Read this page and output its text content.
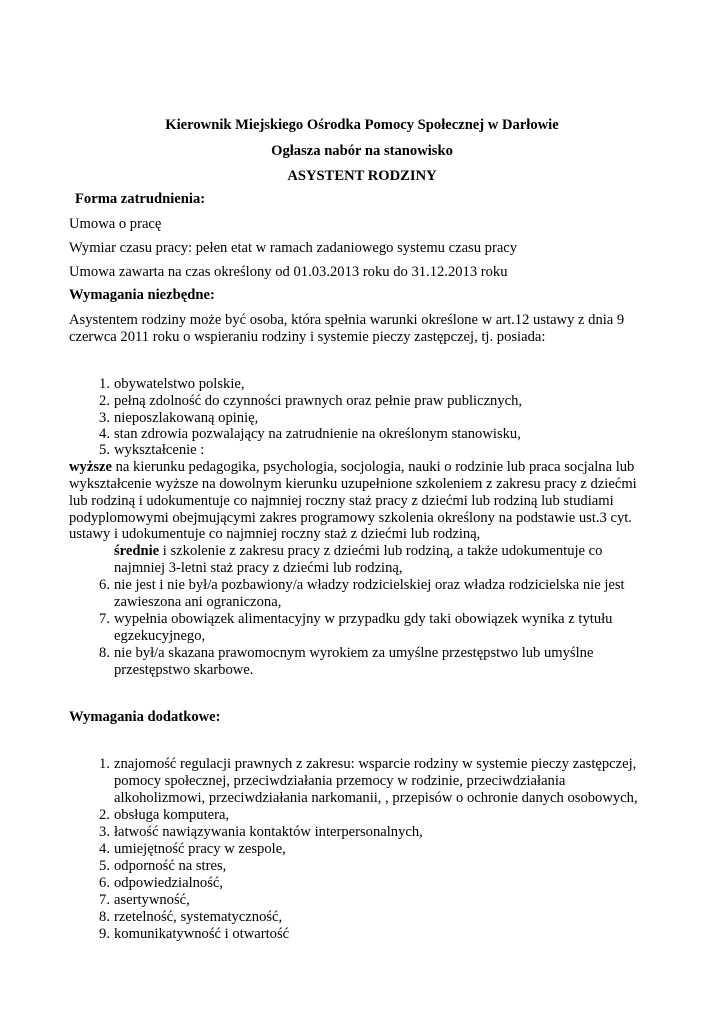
Kierownik Miejskiego Ośrodka Pomocy Społecznej w Darłowie
Ogłasza nabór na stanowisko
ASYSTENT RODZINY
Forma zatrudnienia:
Umowa o pracę
Wymiar czasu pracy: pełen etat w ramach zadaniowego systemu czasu pracy
Umowa zawarta na czas określony od 01.03.2013 roku do 31.12.2013 roku
Wymagania niezbędne:
Asystentem rodziny może być osoba, która spełnia warunki określone w art.12 ustawy z dnia 9
czerwca 2011 roku o wspieraniu rodziny i systemie pieczy zastępczej, tj. posiada:
1. obywatelstwo polskie,
2. pełną zdolność do czynności prawnych oraz pełnie praw publicznych,
3. nieposzlakowaną opinię,
4. stan zdrowia pozwalający na zatrudnienie na określonym stanowisku,
5. wykształcenie :
wyższe na kierunku pedagogika, psychologia, socjologia, nauki o rodzinie lub praca socjalna lub
wykształcenie wyższe na dowolnym kierunku uzupełnione szkoleniem z zakresu pracy z dziećmi
lub rodziną i udokumentuje co najmniej roczny staż pracy z dziećmi lub rodziną lub studiami
podyplomowymi obejmującymi zakres programowy szkolenia określony na podstawie ust.3 cyt.
ustawy i udokumentuje co najmniej roczny staż z dziećmi lub rodziną,
średnie i szkolenie z zakresu pracy z dziećmi lub rodziną, a także udokumentuje co
najmniej 3-letni staż pracy z dziećmi lub rodziną,
6. nie jest i nie był/a pozbawiony/a władzy rodzicielskiej oraz władza rodzicielska nie jest
zawieszona ani ograniczona,
7. wypełnia obowiązek alimentacyjny w przypadku gdy taki obowiązek wynika z tytułu
egzekucyjnego,
8. nie był/a skazana prawomocnym wyrokiem za umyślne przestępstwo lub umyślne
przestępstwo skarbowe.
Wymagania dodatkowe:
1. znajomość regulacji prawnych z zakresu: wsparcie rodziny w systemie pieczy zastępczej,
pomocy społecznej, przeciwdziałania przemocy w rodzinie, przeciwdziałania
alkoholizmowi, przeciwdziałania narkomanii, , przepisów o ochronie danych osobowych,
2. obsługa komputera,
3. łatwość nawiązywania kontaktów interpersonalnych,
4. umiejętność pracy w zespole,
5. odporność na stres,
6. odpowiedzialność,
7. asertywność,
8. rzetelność, systematyczność,
9. komunikatywność i otwartość
